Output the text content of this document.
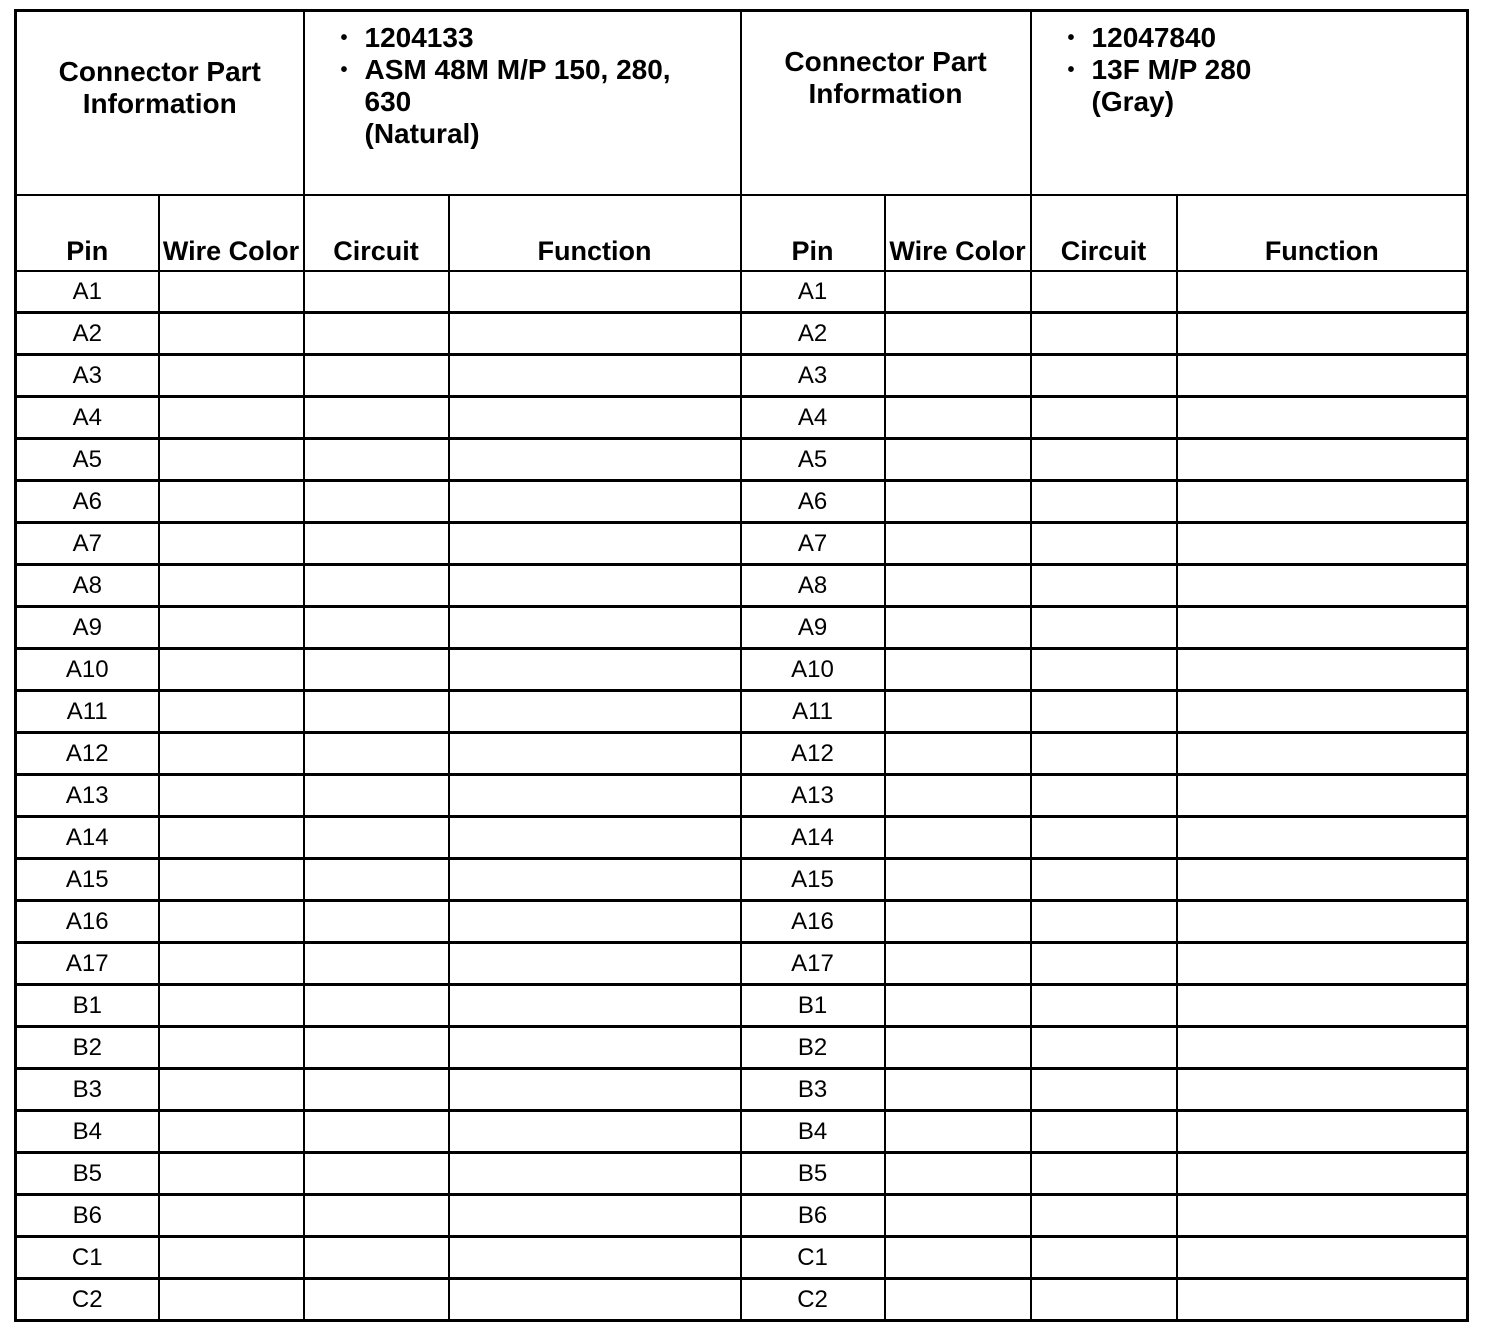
Connector Part Information		• 1204133
• ASM 48M M/P 150, 280,
630
(Natural)		Connector Part Information		• 12047840
• 13F M/P 280
(Gray)	

Pin	Wire Color	Circuit	Function	Pin	Wire Color	Circuit	Function
A1				A1			
A2				A2			
A3				A3			
A4				A4			
A5				A5			
A6				A6			
A7				A7			
A8				A8			
A9				A9			
A10				A10			
A11				A11			
A12				A12			
A13				A13			
A14				A14			
A15				A15			
A16				A16			
A17				A17			
B1				B1			
B2				B2			
B3				B3			
B4				B4			
B5				B5			
B6				B6			
C1				C1			
C2				C2			
